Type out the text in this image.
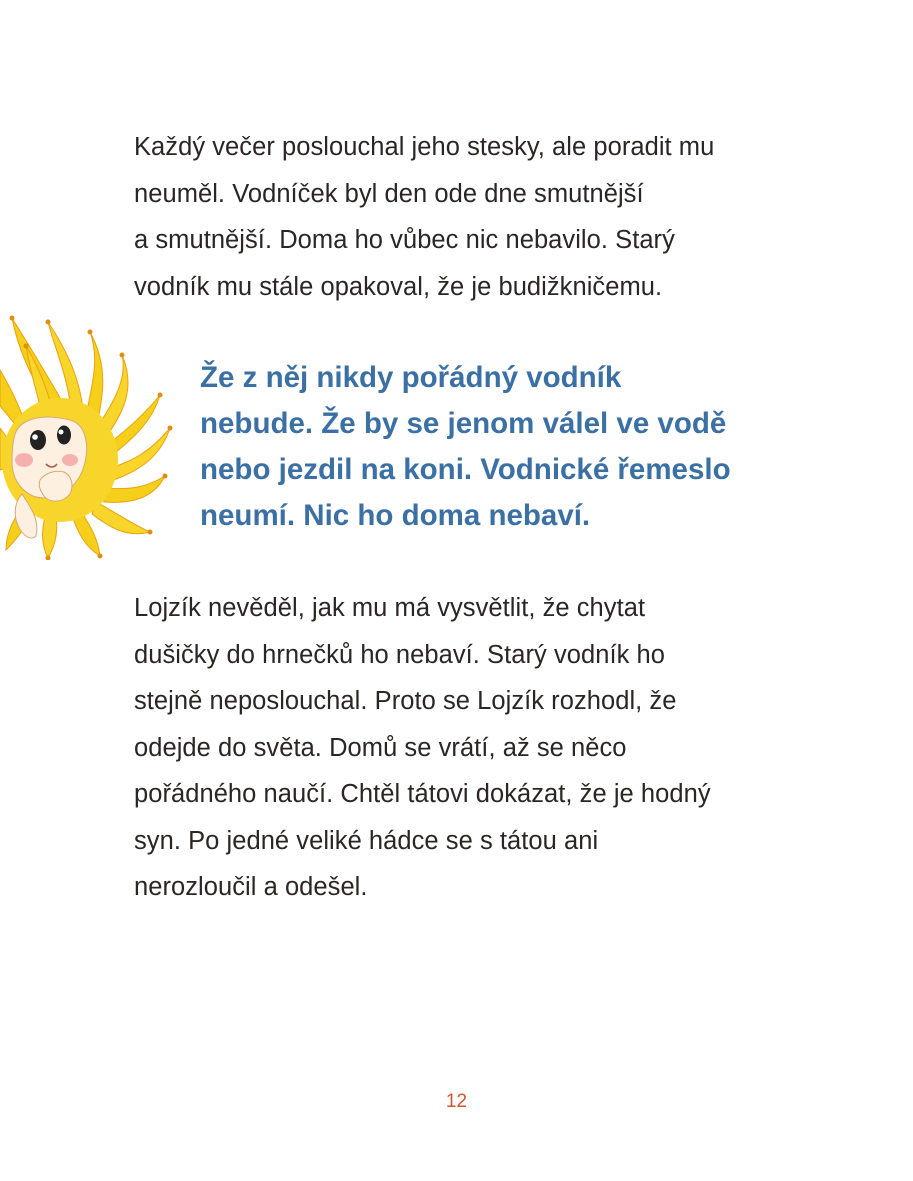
Každý večer poslouchal jeho stesky, ale poradit mu
neuměl. Vodníček byl den ode dne smutnější
a smutnější. Doma ho vůbec nic nebavilo. Starý
vodník mu stále opakoval, že je budižkničemu.

Že z něj nikdy pořádný vodník
nebude. Že by se jenom válel ve vodě
nebo jezdil na koni. Vodnické řemeslo
neumí. Nic ho doma nebaví.

Lojzík nevěděl, jak mu má vysvětlit, že chytat
dušičky do hrnečků ho nebaví. Starý vodník ho
stejně neposlouchal. Proto se Lojzík rozhodl, že
odejde do světa. Domů se vrátí, až se něco
pořádného naučí. Chtěl tátovi dokázat, že je hodný
syn. Po jedné veliké hádce se s tátou ani
nerozloučil a odešel.

12
